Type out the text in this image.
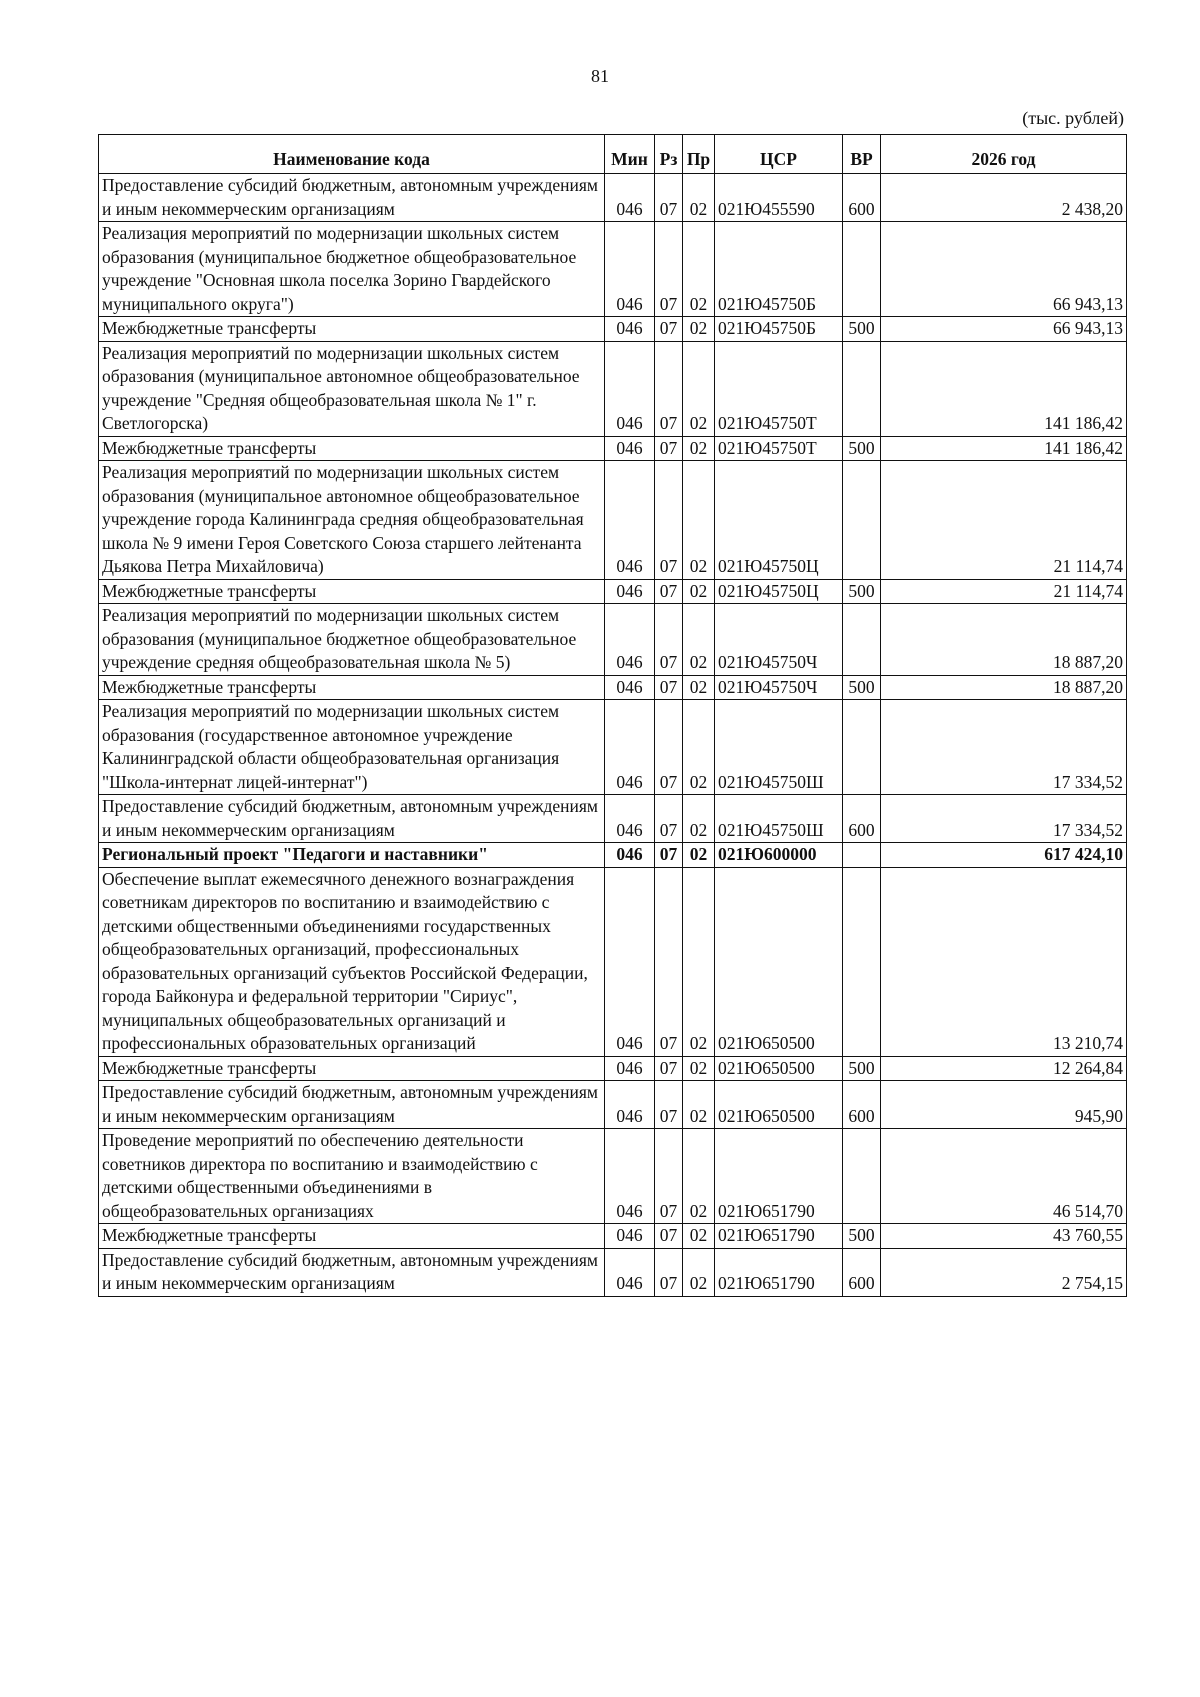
81
(тыс. рублей)
Наименование кода	Мин	Рз	Пр	ЦСР	ВР	2026 год
Предоставление субсидий бюджетным, автономным учреждениям и иным некоммерческим организациям	046	07	02	021Ю455590	600	2 438,20
Реализация мероприятий по модернизации школьных систем образования (муниципальное бюджетное общеобразовательное учреждение "Основная школа поселка Зорино Гвардейского муниципального округа")	046	07	02	021Ю45750Б		66 943,13
Межбюджетные трансферты	046	07	02	021Ю45750Б	500	66 943,13
Реализация мероприятий по модернизации школьных систем образования (муниципальное автономное общеобразовательное учреждение "Средняя общеобразовательная школа № 1" г. Светлогорска)	046	07	02	021Ю45750Т		141 186,42
Межбюджетные трансферты	046	07	02	021Ю45750Т	500	141 186,42
Реализация мероприятий по модернизации школьных систем образования (муниципальное автономное общеобразовательное учреждение города Калининграда средняя общеобразовательная школа № 9 имени Героя Советского Союза старшего лейтенанта Дьякова Петра Михайловича)	046	07	02	021Ю45750Ц		21 114,74
Межбюджетные трансферты	046	07	02	021Ю45750Ц	500	21 114,74
Реализация мероприятий по модернизации школьных систем образования (муниципальное бюджетное общеобразовательное учреждение средняя общеобразовательная школа № 5)	046	07	02	021Ю45750Ч		18 887,20
Межбюджетные трансферты	046	07	02	021Ю45750Ч	500	18 887,20
Реализация мероприятий по модернизации школьных систем образования (государственное автономное учреждение Калининградской области общеобразовательная организация "Школа-интернат лицей-интернат")	046	07	02	021Ю45750Ш		17 334,52
Предоставление субсидий бюджетным, автономным учреждениям и иным некоммерческим организациям	046	07	02	021Ю45750Ш	600	17 334,52
Региональный проект "Педагоги и наставники"	046	07	02	021Ю600000		617 424,10
Обеспечение выплат ежемесячного денежного вознаграждения советникам директоров по воспитанию и взаимодействию с детскими общественными объединениями государственных общеобразовательных организаций, профессиональных образовательных организаций субъектов Российской Федерации, города Байконура и федеральной территории "Сириус", муниципальных общеобразовательных организаций и профессиональных образовательных организаций	046	07	02	021Ю650500		13 210,74
Межбюджетные трансферты	046	07	02	021Ю650500	500	12 264,84
Предоставление субсидий бюджетным, автономным учреждениям и иным некоммерческим организациям	046	07	02	021Ю650500	600	945,90
Проведение мероприятий по обеспечению деятельности советников директора по воспитанию и взаимодействию с детскими общественными объединениями в общеобразовательных организациях	046	07	02	021Ю651790		46 514,70
Межбюджетные трансферты	046	07	02	021Ю651790	500	43 760,55
Предоставление субсидий бюджетным, автономным учреждениям и иным некоммерческим организациям	046	07	02	021Ю651790	600	2 754,15
